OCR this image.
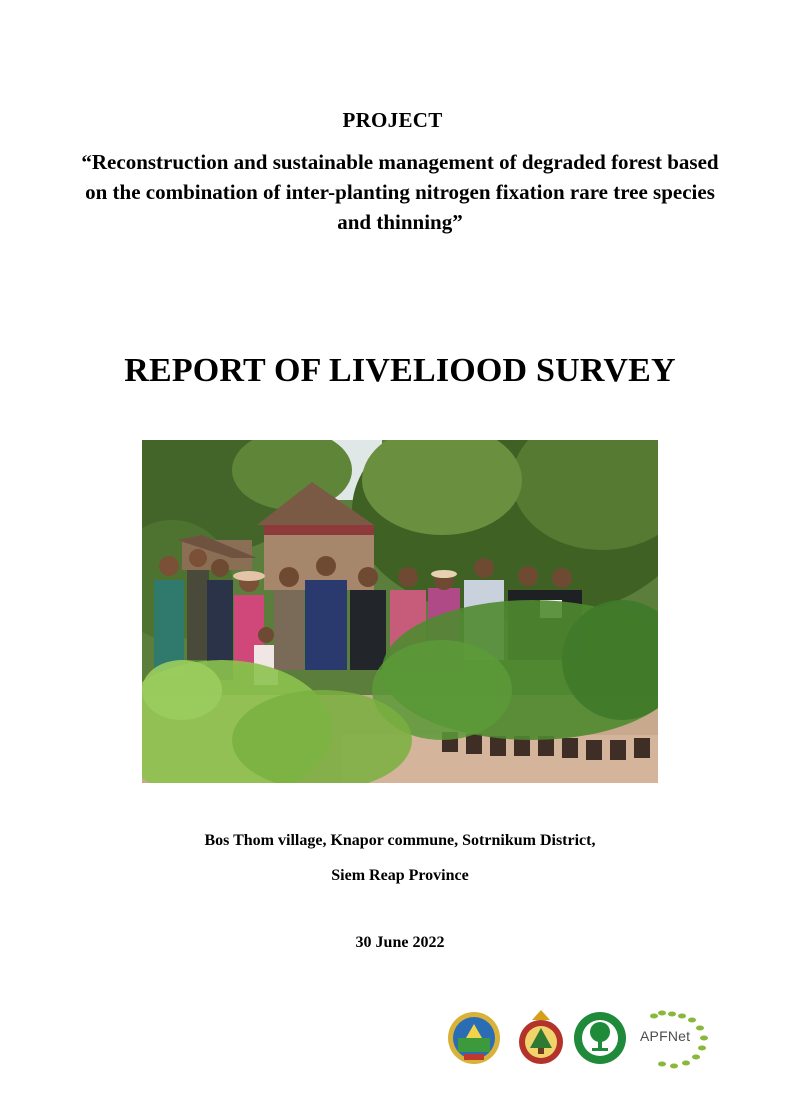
PROJECT
“Reconstruction and sustainable management of degraded forest based on the combination of inter-planting nitrogen fixation rare tree species and thinning”
REPORT OF LIVELIOOD SURVEY
Bos Thom village, Knapor commune, Sotrnikum District,
Siem Reap Province
30 June 2022
APFNet
